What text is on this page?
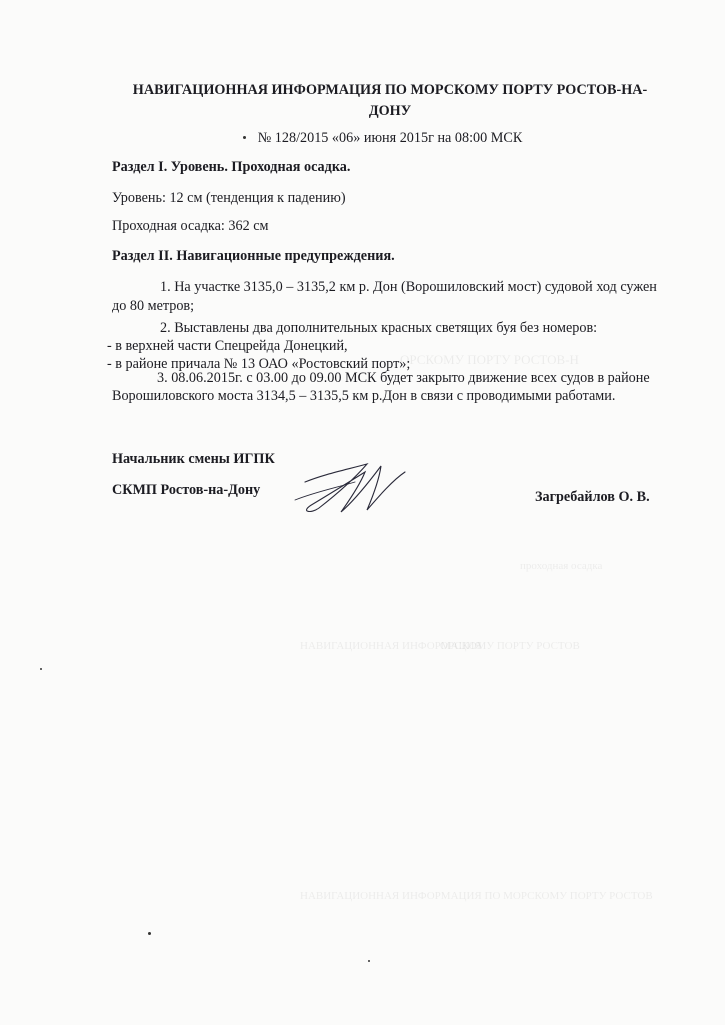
ОРСКОМУ ПОРТУ РОСТОВ-Н
ОРСКОМУ ПОРТУ РОСТОВ
НАВИГАЦИОННАЯ ИНФОРМАЦИЯ
проходная осадка
НАВИГАЦИОННАЯ ИНФОРМАЦИЯ ПО МОРСКОМУ ПОРТУ РОСТОВ
НАВИГАЦИОННАЯ ИНФОРМАЦИЯ ПО МОРСКОМУ ПОРТУ РОСТОВ-НА-ДОНУ
№ 128/2015 «06» июня 2015г на 08:00 МСК
Раздел I. Уровень. Проходная осадка.
Уровень: 12 см (тенденция к падению)
Проходная осадка: 362 см
Раздел II. Навигационные предупреждения.
1. На участке 3135,0 – 3135,2 км р. Дон (Ворошиловский мост) судовой ход сужен
до 80 метров;
2. Выставлены два дополнительных красных светящих буя без номеров:
- в верхней части Спецрейда Донецкий,
- в районе причала № 13 ОАО «Ростовский порт»;
3. 08.06.2015г. с 03.00 до 09.00 МСК будет закрыто движение всех судов в районе
Ворошиловского моста 3134,5 – 3135,5 км р.Дон в связи с проводимыми работами.
Начальник смены ИГПК
СКМП Ростов-на-Дону	Загребайлов О. В.
